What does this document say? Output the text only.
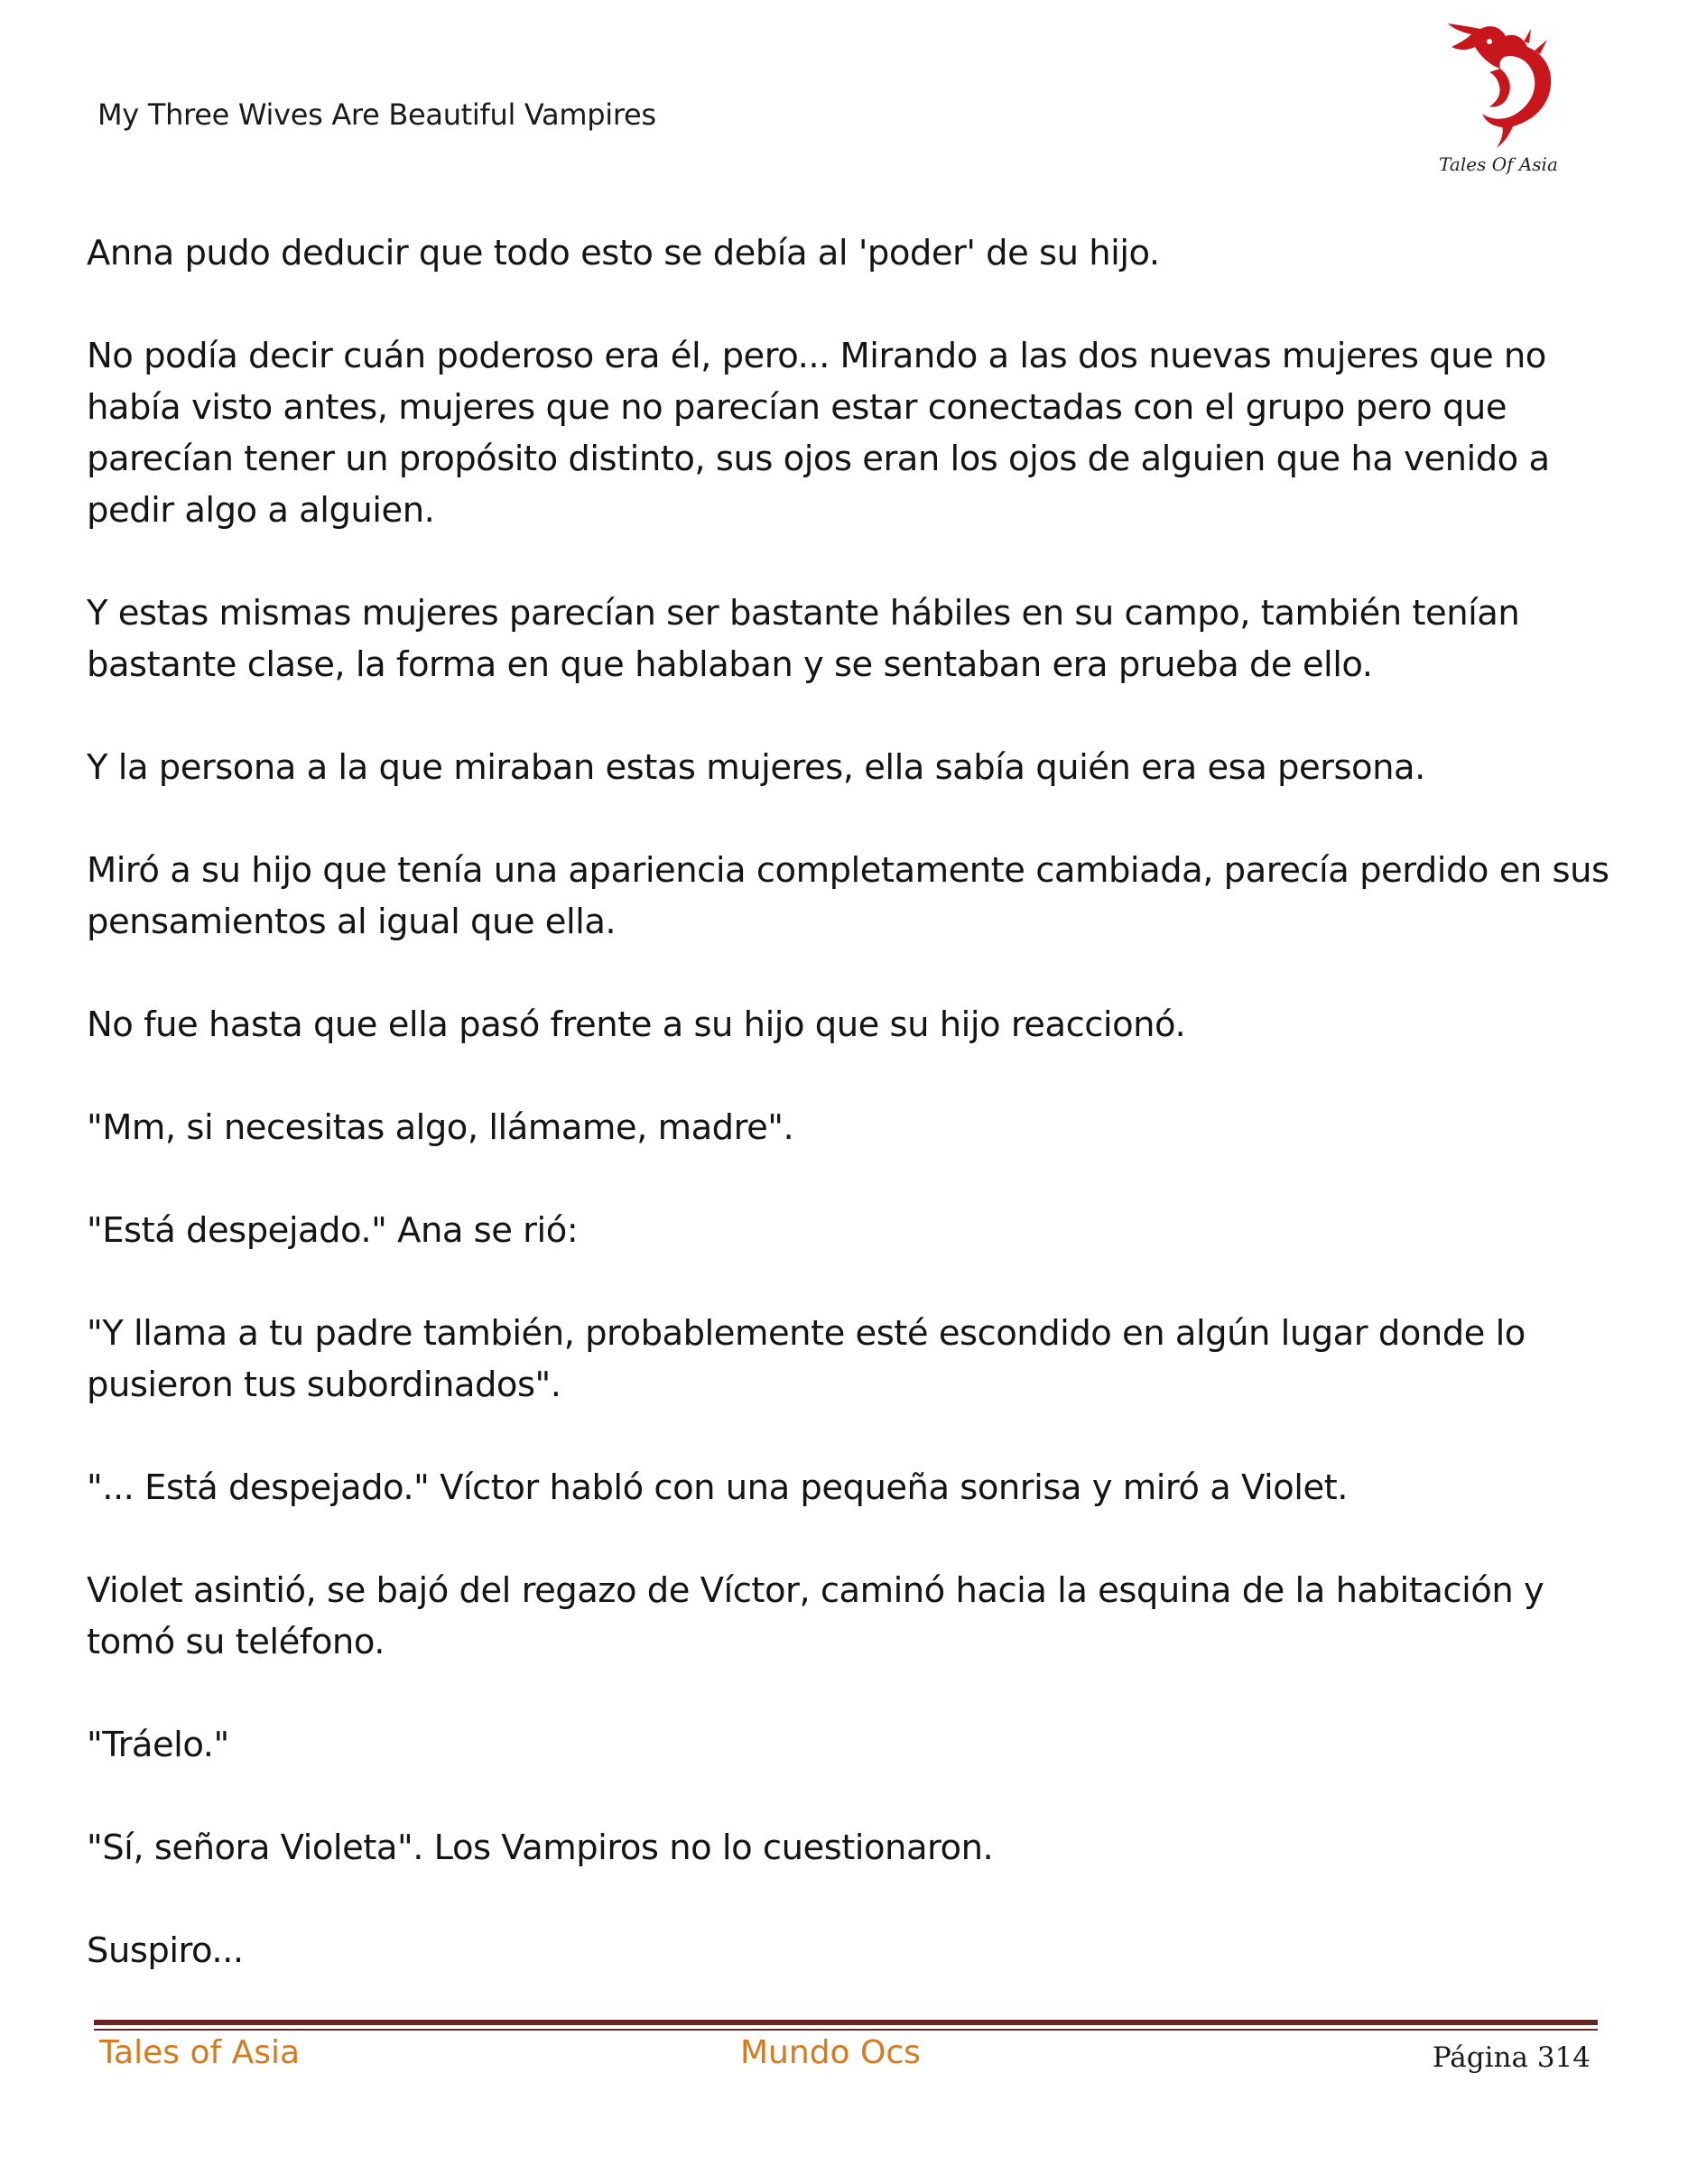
My Three Wives Are Beautiful Vampires
Tales Of Asia

Anna pudo deducir que todo esto se debía al 'poder' de su hijo.

No podía decir cuán poderoso era él, pero... Mirando a las dos nuevas mujeres que no había visto antes, mujeres que no parecían estar conectadas con el grupo pero que parecían tener un propósito distinto, sus ojos eran los ojos de alguien que ha venido a pedir algo a alguien.

Y estas mismas mujeres parecían ser bastante hábiles en su campo, también tenían bastante clase, la forma en que hablaban y se sentaban era prueba de ello.

Y la persona a la que miraban estas mujeres, ella sabía quién era esa persona.

Miró a su hijo que tenía una apariencia completamente cambiada, parecía perdido en sus pensamientos al igual que ella.

No fue hasta que ella pasó frente a su hijo que su hijo reaccionó.

"Mm, si necesitas algo, llámame, madre".

"Está despejado." Ana se rió:

"Y llama a tu padre también, probablemente esté escondido en algún lugar donde lo pusieron tus subordinados".

"... Está despejado." Víctor habló con una pequeña sonrisa y miró a Violet.

Violet asintió, se bajó del regazo de Víctor, caminó hacia la esquina de la habitación y tomó su teléfono.

"Tráelo."

"Sí, señora Violeta". Los Vampiros no lo cuestionaron.

Suspiro...

Tales of Asia	Mundo Ocs	Página 314
